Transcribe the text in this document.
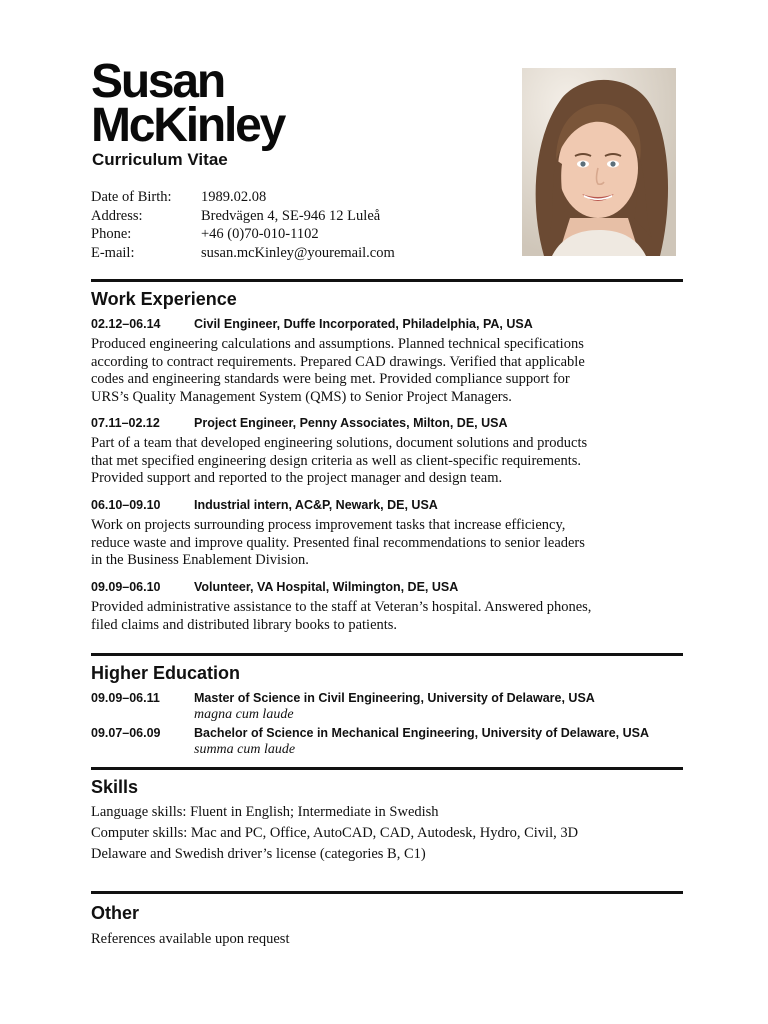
Susan
McKinley
Curriculum Vitae
Date of Birth:	1989.02.08
Address:	Bredvägen 4, SE-946 12 Luleå
Phone:	+46 (0)70-010-1102
E-mail:	susan.mcKinley@youremail.com
Work Experience
02.12–06.14	Civil Engineer, Duffe Incorporated, Philadelphia, PA, USA
Produced engineering calculations and assumptions. Planned technical specifications
according to contract requirements. Prepared CAD drawings. Verified that applicable
codes and engineering standards were being met. Provided compliance support for
URS’s Quality Management System (QMS) to Senior Project Managers.
07.11–02.12	Project Engineer, Penny Associates, Milton, DE, USA
Part of a team that developed engineering solutions, document solutions and products
that met specified engineering design criteria as well as client-specific requirements.
Provided support and reported to the project manager and design team.
06.10–09.10	Industrial intern, AC&P, Newark, DE, USA
Work on projects surrounding process improvement tasks that increase efficiency,
reduce waste and improve quality. Presented final recommendations to senior leaders
in the Business Enablement Division.
09.09–06.10	Volunteer, VA Hospital, Wilmington, DE, USA
Provided administrative assistance to the staff at Veteran’s hospital. Answered phones,
filed claims and distributed library books to patients.
Higher Education
09.09–06.11	Master of Science in Civil Engineering, University of Delaware, USA
magna cum laude
09.07–06.09	Bachelor of Science in Mechanical Engineering, University of Delaware, USA
summa cum laude
Skills
Language skills: Fluent in English; Intermediate in Swedish
Computer skills: Mac and PC, Office, AutoCAD, CAD, Autodesk, Hydro, Civil, 3D
Delaware and Swedish driver’s license (categories B, C1)
Other
References available upon request
